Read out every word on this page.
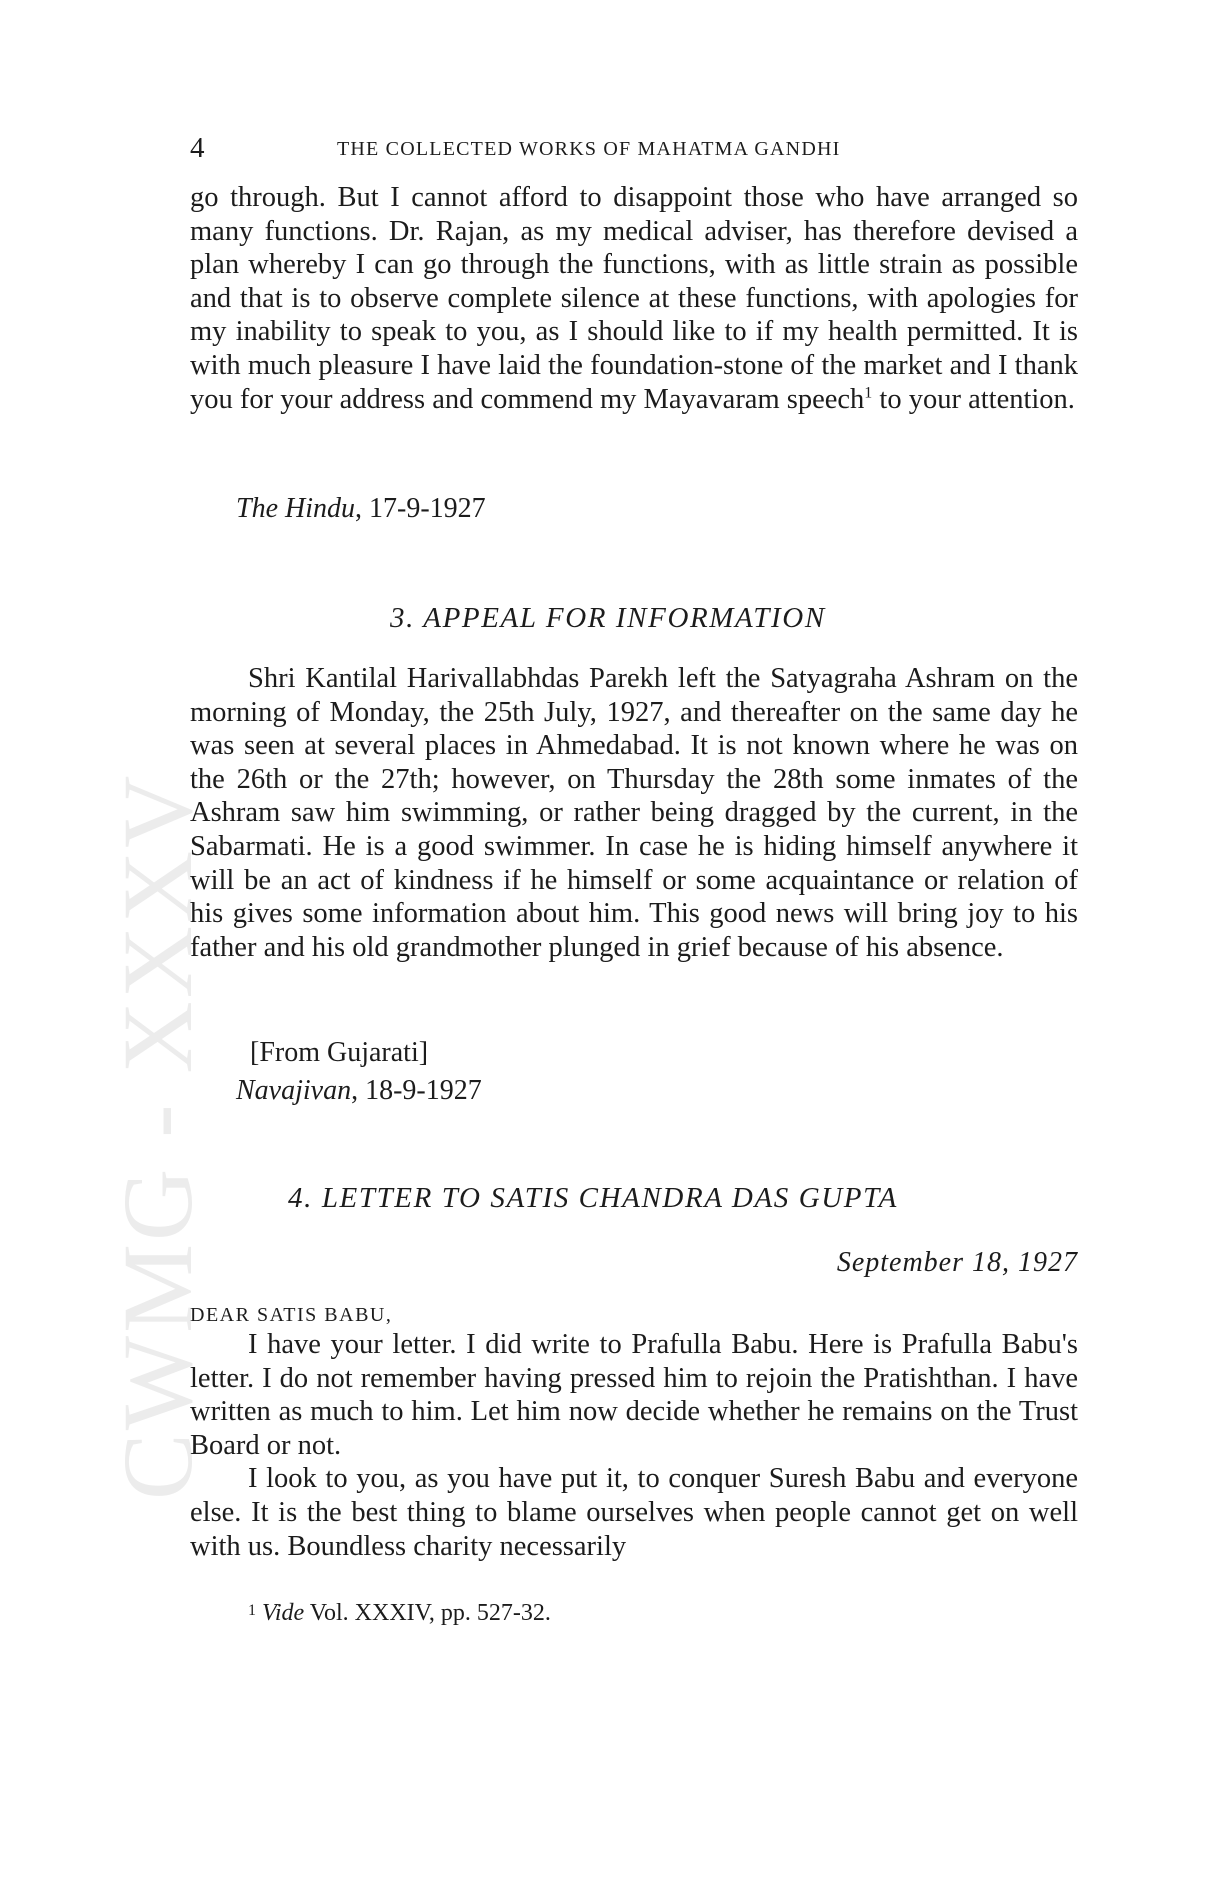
CWMG - XXXV
4	THE COLLECTED WORKS OF MAHATMA GANDHI

go through. But I cannot afford to disappoint those who have arranged so many functions. Dr. Rajan, as my medical adviser, has therefore devised a plan whereby I can go through the functions, with as little strain as possible and that is to observe complete silence at these functions, with apologies for my inability to speak to you, as I should like to if my health permitted. It is with much pleasure I have laid the foundation-stone of the market and I thank you for your address and commend my Mayavaram speech$^1$ to your attention.

The Hindu, 17-9-1927

3. APPEAL FOR INFORMATION

Shri Kantilal Harivallabhdas Parekh left the Satyagraha Ashram on the morning of Monday, the 25th July, 1927, and thereafter on the same day he was seen at several places in Ahmedabad. It is not known where he was on the 26th or the 27th; however, on Thursday the 28th some inmates of the Ashram saw him swimming, or rather being dragged by the current, in the Sabarmati. He is a good swimmer. In case he is hiding himself anywhere it will be an act of kindness if he himself or some acquaintance or relation of his gives some information about him. This good news will bring joy to his father and his old grandmother plunged in grief because of his absence.

[From Gujarati]

Navajivan, 18-9-1927

4. LETTER TO SATIS CHANDRA DAS GUPTA

September 18, 1927

DEAR SATIS BABU,

I have your letter. I did write to Prafulla Babu. Here is Prafulla Babu's letter. I do not remember having pressed him to rejoin the Pratishthan. I have written as much to him. Let him now decide whether he remains on the Trust Board or not.

I look to you, as you have put it, to conquer Suresh Babu and everyone else. It is the best thing to blame ourselves when people cannot get on well with us. Boundless charity necessarily

$^1$ Vide Vol. XXXIV, pp. 527-32.
